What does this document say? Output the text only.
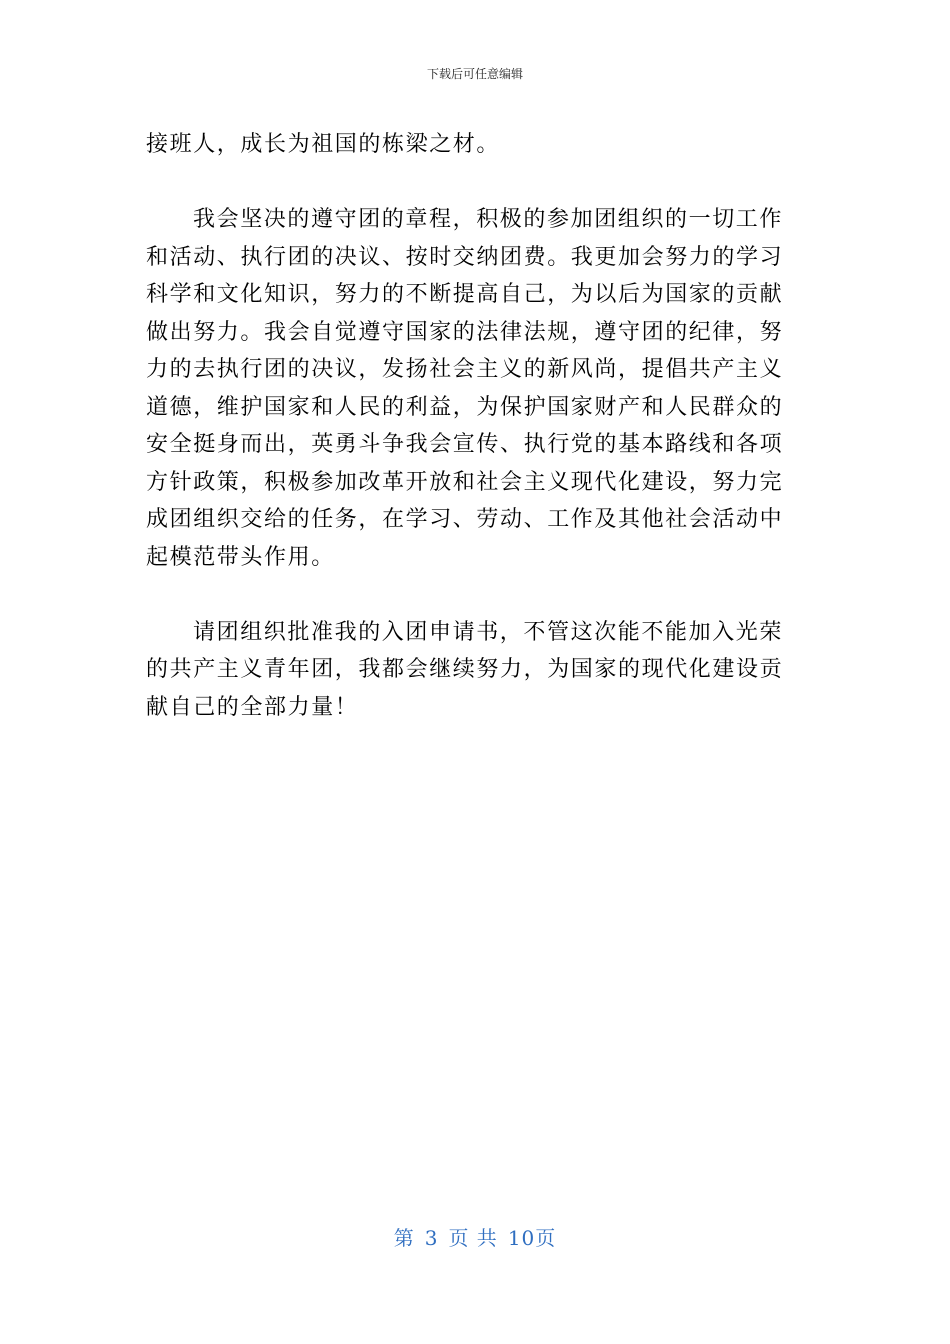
下载后可任意编辑

接班人，成长为祖国的栋梁之材。

我会坚决的遵守团的章程，积极的参加团组织的一切工作和活动、执行团的决议、按时交纳团费。我更加会努力的学习科学和文化知识，努力的不断提高自己，为以后为国家的贡献做出努力。我会自觉遵守国家的法律法规，遵守团的纪律，努力的去执行团的决议，发扬社会主义的新风尚，提倡共产主义道德，维护国家和人民的利益，为保护国家财产和人民群众的安全挺身而出，英勇斗争我会宣传、执行党的基本路线和各项方针政策，积极参加改革开放和社会主义现代化建设，努力完成团组织交给的任务，在学习、劳动、工作及其他社会活动中起模范带头作用。

请团组织批准我的入团申请书，不管这次能不能加入光荣的共产主义青年团，我都会继续努力，为国家的现代化建设贡献自己的全部力量！

第 3 页 共 10页
